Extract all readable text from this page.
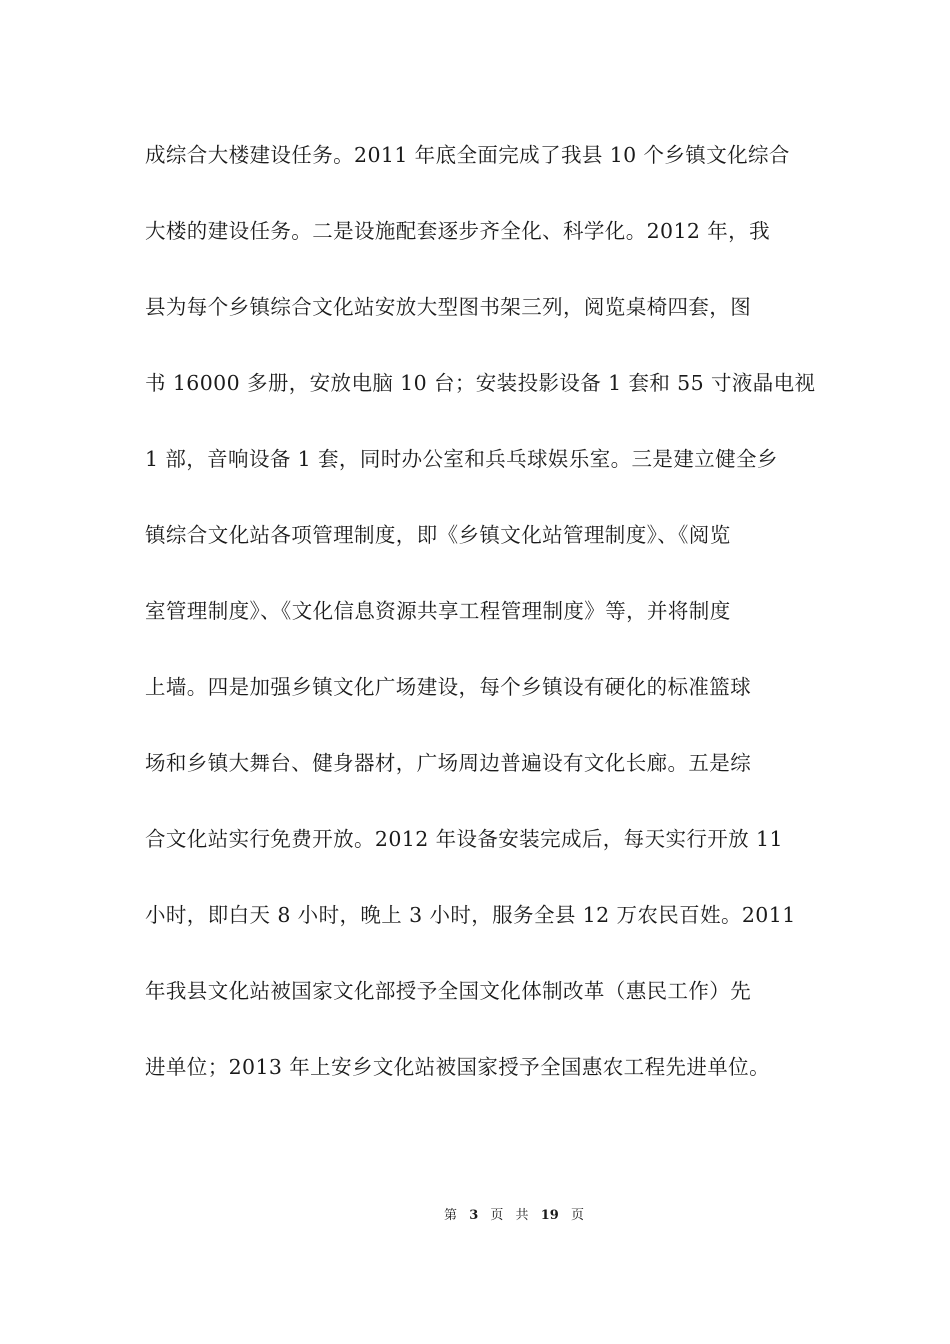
成综合大楼建设任务。2011 年底全面完成了我县 10 个乡镇文化综合
大楼的建设任务。二是设施配套逐步齐全化、科学化。2012 年，我
县为每个乡镇综合文化站安放大型图书架三列，阅览桌椅四套，图
书 16000 多册，安放电脑 10 台；安装投影设备 1 套和 55 寸液晶电视
1 部，音响设备 1 套，同时办公室和兵乓球娱乐室。三是建立健全乡
镇综合文化站各项管理制度，即《乡镇文化站管理制度》、《阅览
室管理制度》、《文化信息资源共享工程管理制度》等，并将制度
上墙。四是加强乡镇文化广场建设，每个乡镇设有硬化的标准篮球
场和乡镇大舞台、健身器材，广场周边普遍设有文化长廊。五是综
合文化站实行免费开放。2012 年设备安装完成后，每天实行开放 11
小时，即白天 8 小时，晚上 3 小时，服务全县 12 万农民百姓。2011
年我县文化站被国家文化部授予全国文化体制改革（惠民工作）先
进单位；2013 年上安乡文化站被国家授予全国惠农工程先进单位。
第 3 页 共 19 页
